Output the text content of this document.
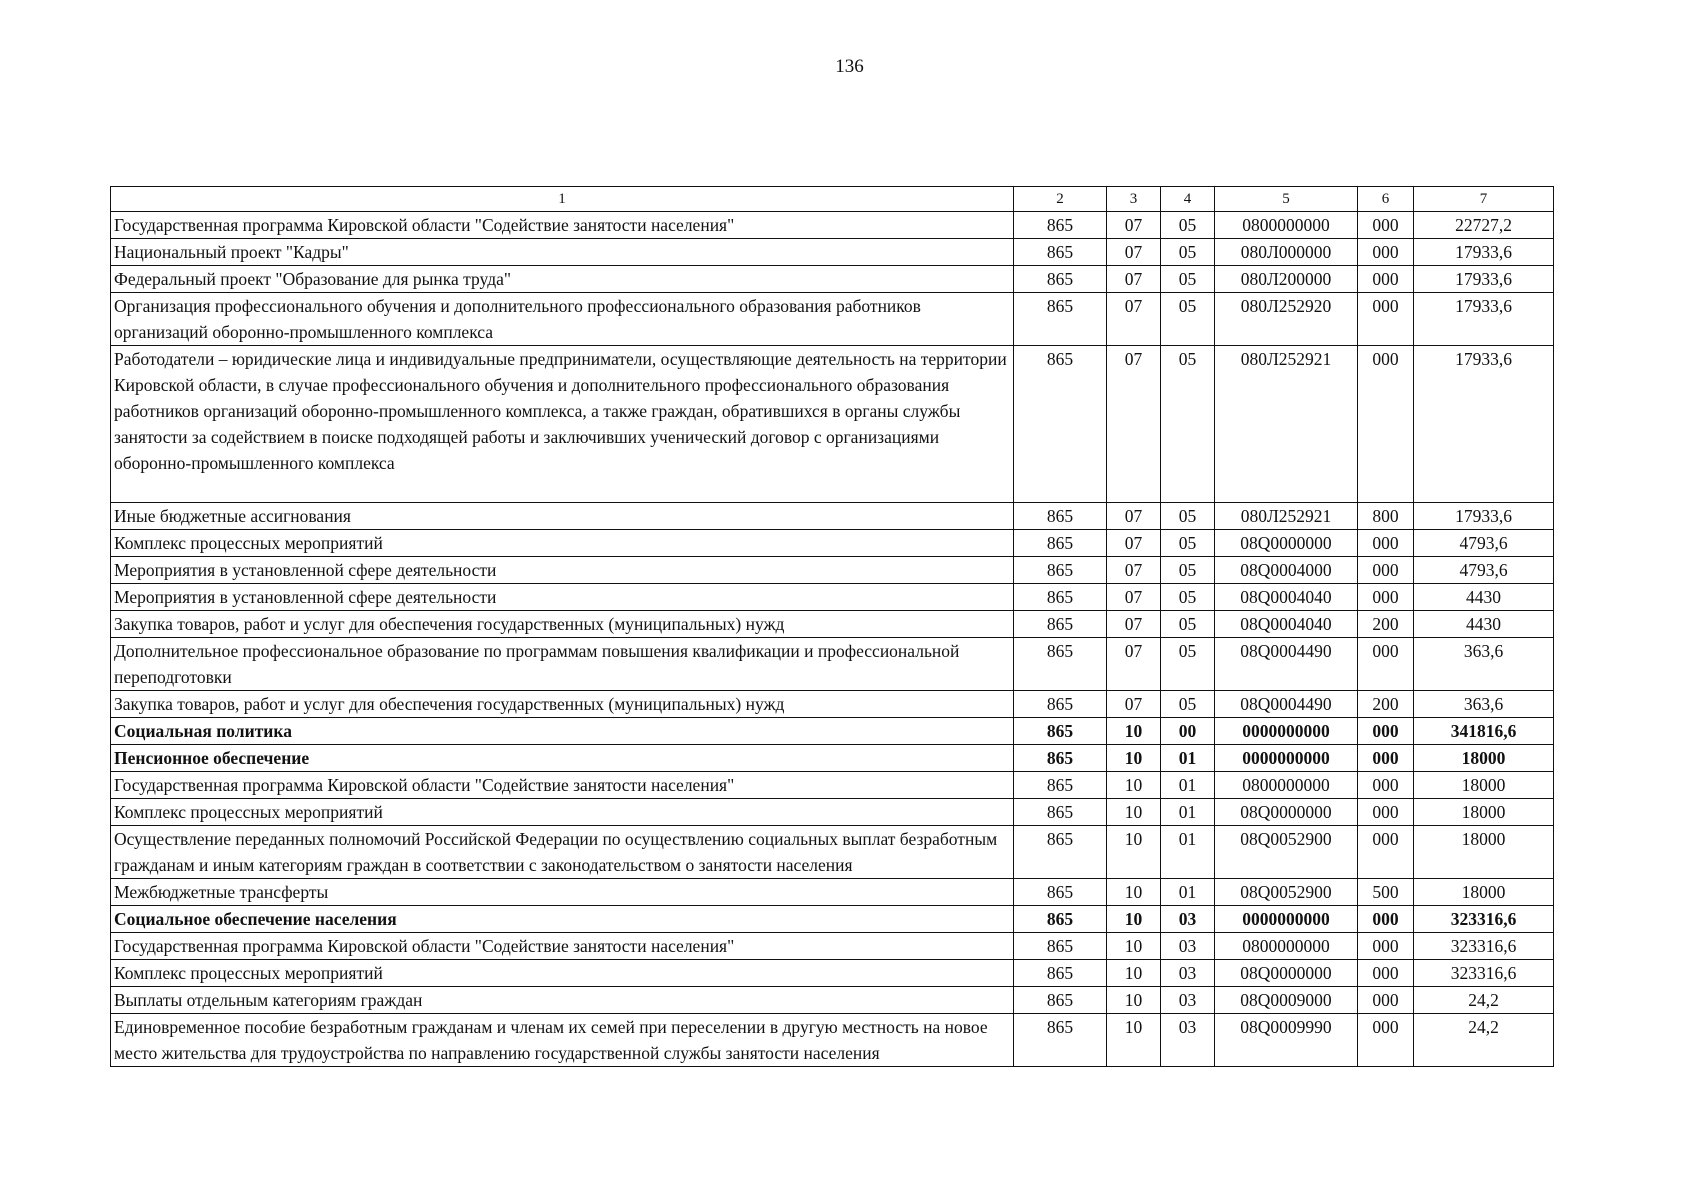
136
1	2	3	4	5	6	7
Государственная программа Кировской области "Содействие занятости населения"	865	07	05	0800000000	000	22727,2
Национальный проект "Кадры"	865	07	05	080Л000000	000	17933,6
Федеральный проект "Образование для рынка труда"	865	07	05	080Л200000	000	17933,6
Организация профессионального обучения и дополнительного профессионального образования работников организаций оборонно-промышленного комплекса	865	07	05	080Л252920	000	17933,6
Работодатели – юридические лица и индивидуальные предприниматели, осуществляющие деятельность на территории Кировской области, в случае профессионального обучения и дополнительного профессионального образования работников организаций оборонно-промышленного комплекса, а также граждан, обратившихся в органы службы занятости за содействием в поиске подходящей работы и заключивших ученический договор с организациями оборонно-промышленного комплекса	865	07	05	080Л252921	000	17933,6
Иные бюджетные ассигнования	865	07	05	080Л252921	800	17933,6
Комплекс процессных мероприятий	865	07	05	08Q0000000	000	4793,6
Мероприятия в установленной сфере деятельности	865	07	05	08Q0004000	000	4793,6
Мероприятия в установленной сфере деятельности	865	07	05	08Q0004040	000	4430
Закупка товаров, работ и услуг для обеспечения государственных (муниципальных) нужд	865	07	05	08Q0004040	200	4430
Дополнительное профессиональное образование по программам повышения квалификации и профессиональной переподготовки	865	07	05	08Q0004490	000	363,6
Закупка товаров, работ и услуг для обеспечения государственных (муниципальных) нужд	865	07	05	08Q0004490	200	363,6
Социальная политика	865	10	00	0000000000	000	341816,6
Пенсионное обеспечение	865	10	01	0000000000	000	18000
Государственная программа Кировской области "Содействие занятости населения"	865	10	01	0800000000	000	18000
Комплекс процессных мероприятий	865	10	01	08Q0000000	000	18000
Осуществление переданных полномочий Российской Федерации по осуществлению социальных выплат безработным гражданам и иным категориям граждан в соответствии с законодательством о занятости населения	865	10	01	08Q0052900	000	18000
Межбюджетные трансферты	865	10	01	08Q0052900	500	18000
Социальное обеспечение населения	865	10	03	0000000000	000	323316,6
Государственная программа Кировской области "Содействие занятости населения"	865	10	03	0800000000	000	323316,6
Комплекс процессных мероприятий	865	10	03	08Q0000000	000	323316,6
Выплаты отдельным категориям граждан	865	10	03	08Q0009000	000	24,2
Единовременное пособие безработным гражданам и членам их семей при переселении в другую местность на новое место жительства для трудоустройства по направлению государственной службы занятости населения	865	10	03	08Q0009990	000	24,2
